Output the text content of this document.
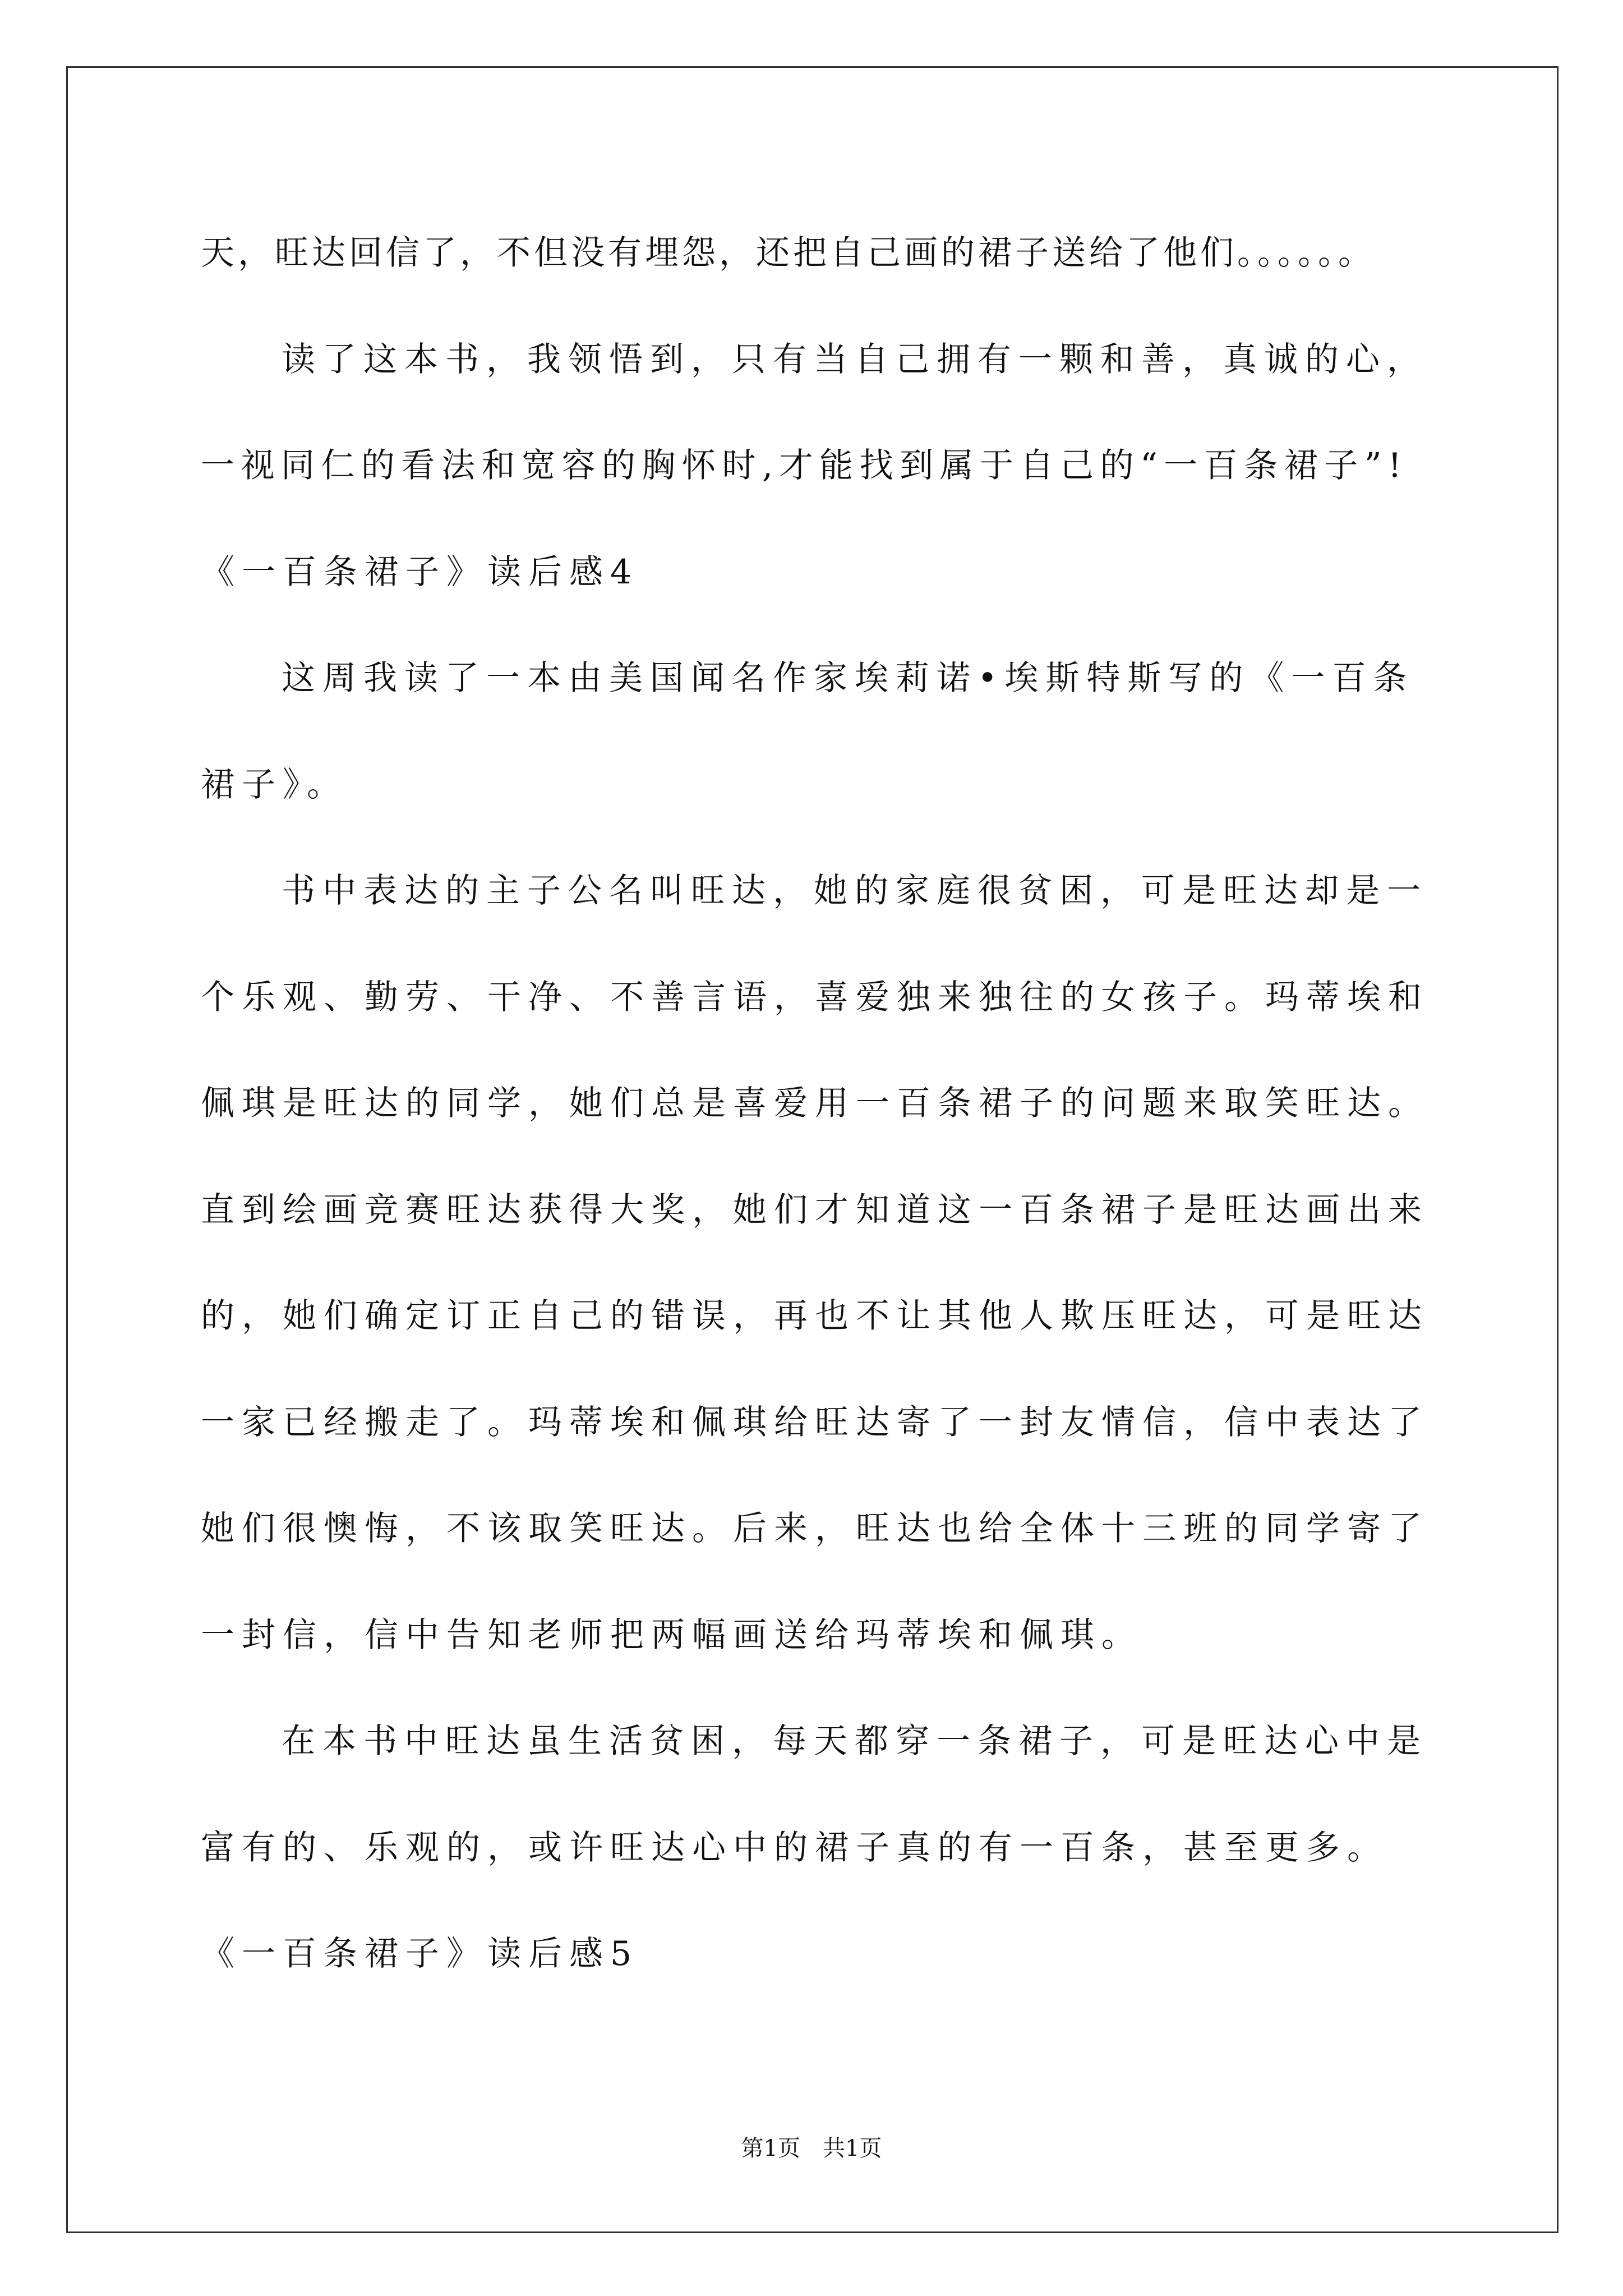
天，旺达回信了，不但没有埋怨，还把自己画的裙子送给了他们。。。。。。
读了这本书，我领悟到，只有当自己拥有一颗和善，真诚的心，
一视同仁的看法和宽容的胸怀时,才能找到属于自己的“一百条裙子”!
《一百条裙子》读后感4
这周我读了一本由美国闻名作家埃莉诺•埃斯特斯写的《一百条
裙子》。
书中表达的主子公名叫旺达，她的家庭很贫困，可是旺达却是一
个乐观、勤劳、干净、不善言语，喜爱独来独往的女孩子。玛蒂埃和
佩琪是旺达的同学，她们总是喜爱用一百条裙子的问题来取笑旺达。
直到绘画竞赛旺达获得大奖，她们才知道这一百条裙子是旺达画出来
的，她们确定订正自己的错误，再也不让其他人欺压旺达，可是旺达
一家已经搬走了。玛蒂埃和佩琪给旺达寄了一封友情信，信中表达了
她们很懊悔，不该取笑旺达。后来，旺达也给全体十三班的同学寄了
一封信，信中告知老师把两幅画送给玛蒂埃和佩琪。
在本书中旺达虽生活贫困，每天都穿一条裙子，可是旺达心中是
富有的、乐观的，或许旺达心中的裙子真的有一百条，甚至更多。
《一百条裙子》读后感5
第1页　共1页
